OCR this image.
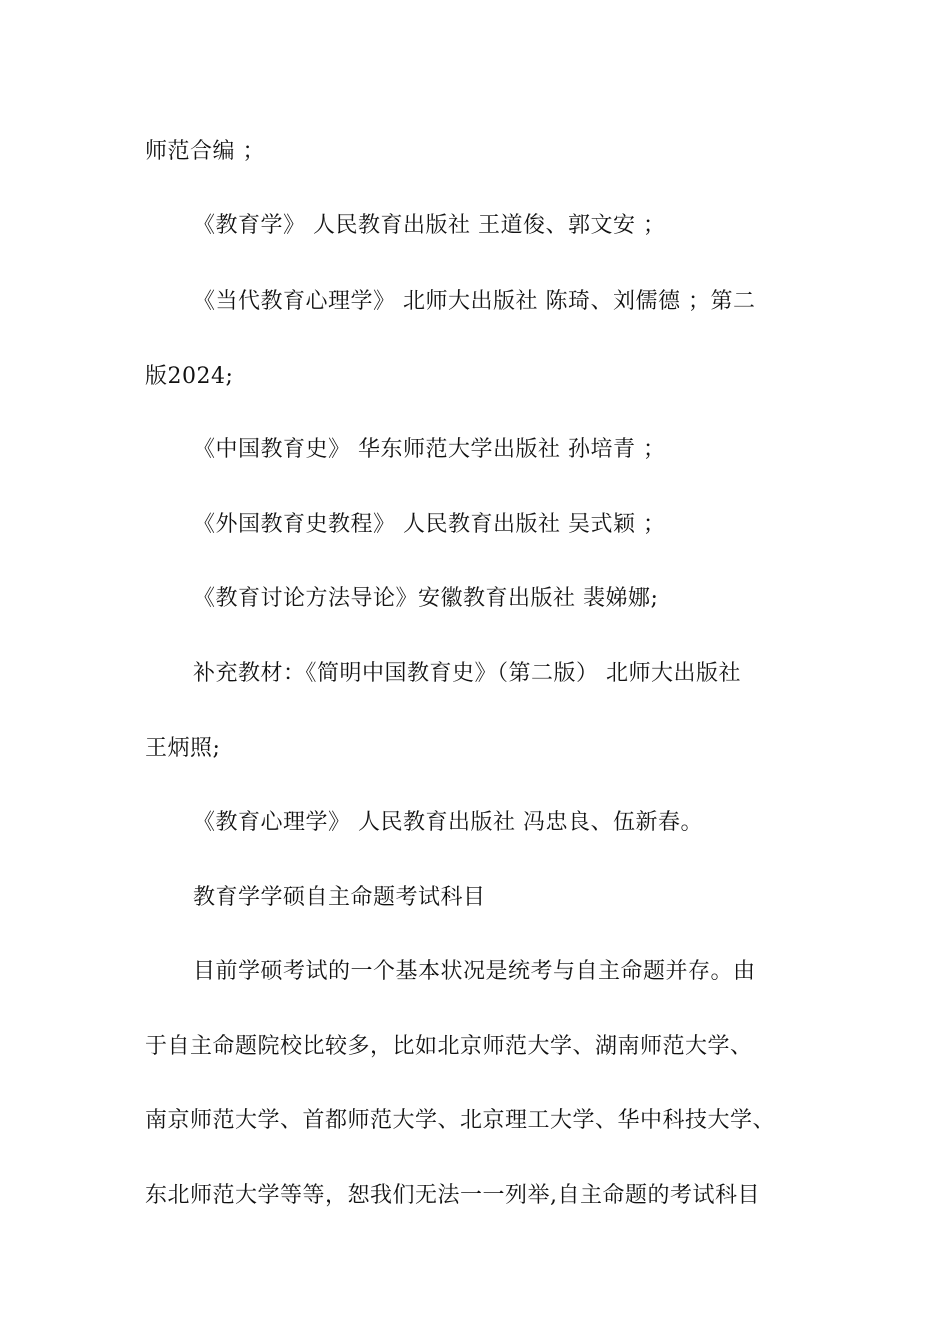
师范合编 ；
《教育学》 人民教育出版社 王道俊、郭文安 ；
《当代教育心理学》 北师大出版社 陈琦、刘儒德 ；第二
版2024;
《中国教育史》 华东师范大学出版社 孙培青 ；
《外国教育史教程》 人民教育出版社 吴式颖 ；
《教育讨论方法导论》安徽教育出版社 裴娣娜;
补充教材：《简明中国教育史》（第二版） 北师大出版社
王炳照;
《教育心理学》 人民教育出版社 冯忠良、伍新春。
教育学学硕自主命题考试科目
目前学硕考试的一个基本状况是统考与自主命题并存。由
于自主命题院校比较多，比如北京师范大学、湖南师范大学、
南京师范大学、首都师范大学、北京理工大学、华中科技大学、
东北师范大学等等，恕我们无法一一列举,自主命题的考试科目
